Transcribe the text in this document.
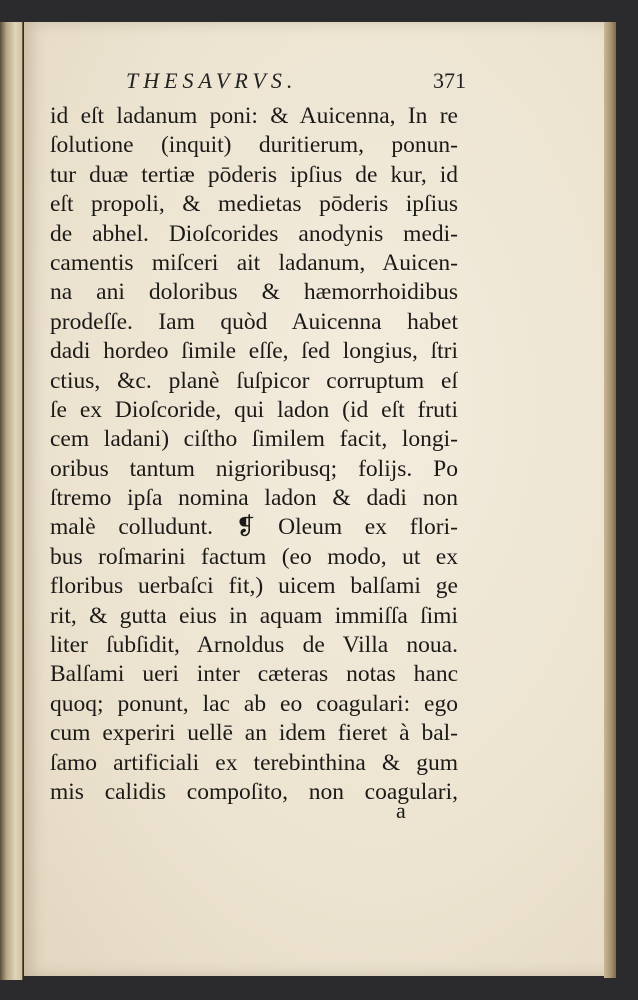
THESAVRVS.	371
id eſt ladanum poni: & Auicenna, In re
ſolutione (inquit) duritierum, ponun-
tur duæ tertiæ pōderis ipſius de kur, id
eſt propoli, & medietas pōderis ipſius
de abhel. Dioſcorides anodynis medi-
camentis miſceri ait ladanum, Auicen-
na ani doloribus & hæmorrhoidibus
prodeſſe. Iam quòd Auicenna habet
dadi hordeo ſimile eſſe, ſed longius, ſtri
ctius, &c. planè ſuſpicor corruptum eſ
ſe ex Dioſcoride, qui ladon (id eſt fruti
cem ladani) ciſtho ſimilem facit, longi-
oribus tantum nigrioribusq; folijs. Po
ſtremo ipſa nomina ladon & dadi non
malè colludunt. ❡ Oleum ex flori-
bus roſmarini factum (eo modo, ut ex
floribus uerbaſci fit,) uicem balſami ge
rit, & gutta eius in aquam immiſſa ſimi
liter ſubſidit, Arnoldus de Villa noua.
Balſami ueri inter cæteras notas hanc
quoq; ponunt, lac ab eo coagulari: ego
cum experiri uellē an idem fieret à bal-
ſamo artificiali ex terebinthina & gum
mis calidis compoſito, non coagulari,
a
